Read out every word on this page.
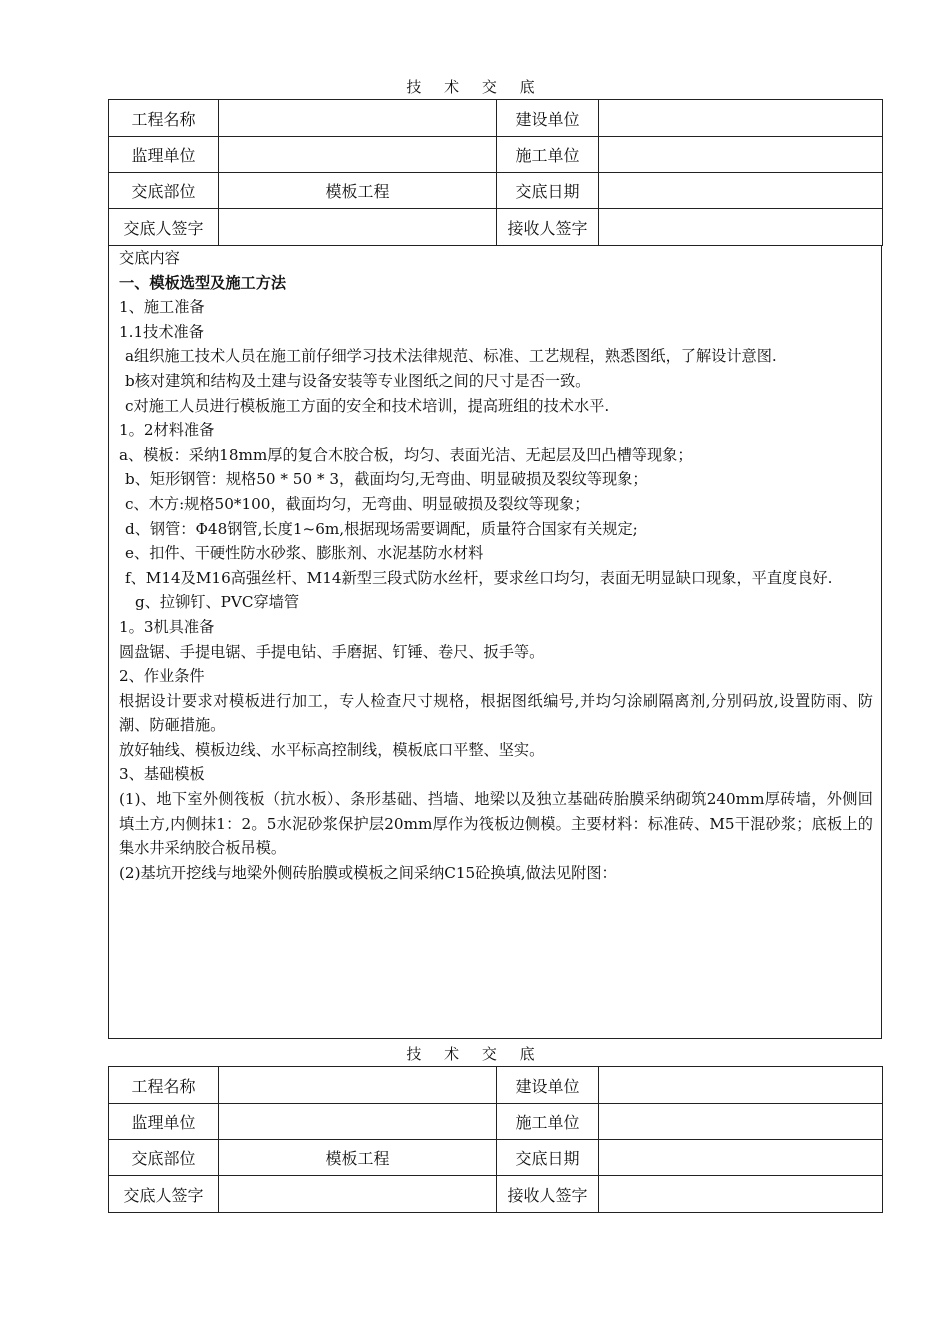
技 术 交 底
工程名称		建设单位	
监理单位		施工单位	
交底部位	模板工程	交底日期	
交底人签字		接收人签字	

交底内容

一、模板选型及施工方法

1、施工准备

1.1技术准备

a组织施工技术人员在施工前仔细学习技术法律规范、标准、工艺规程，熟悉图纸，了解设计意图.

b核对建筑和结构及土建与设备安装等专业图纸之间的尺寸是否一致。

c对施工人员进行模板施工方面的安全和技术培训，提高班组的技术水平.

1。2材料准备

a、模板：采纳18mm厚的复合木胶合板，均匀、表面光洁、无起层及凹凸槽等现象；

b、矩形钢管：规格50 * 50 * 3，截面均匀,无弯曲、明显破损及裂纹等现象；

c、木方:规格50*100，截面均匀，无弯曲、明显破损及裂纹等现象；

d、钢管：Φ48钢管,长度1~6m,根据现场需要调配，质量符合国家有关规定;

e、扣件、干硬性防水砂浆、膨胀剂、水泥基防水材料

f、M14及M16高强丝杆、M14新型三段式防水丝杆，要求丝口均匀，表面无明显缺口现象，平直度良好.

g、拉铆钉、PVC穿墙管

1。3机具准备

圆盘锯、手提电锯、手提电钻、手磨据、钉锤、卷尺、扳手等。

2、作业条件

根据设计要求对模板进行加工，专人检查尺寸规格，根据图纸编号,并均匀涂刷隔离剂,分别码放,设置防雨、防潮、防砸措施。

放好轴线、模板边线、水平标高控制线，模板底口平整、坚实。

3、基础模板

(1)、地下室外侧筏板（抗水板）、条形基础、挡墙、地梁以及独立基础砖胎膜采纳砌筑240mm厚砖墙，外侧回填土方,内侧抹1：2。5水泥砂浆保护层20mm厚作为筏板边侧模。主要材料：标准砖、M5干混砂浆；底板上的集水井采纳胶合板吊模。

(2)基坑开挖线与地梁外侧砖胎膜或模板之间采纳C15砼换填,做法见附图：

技 术 交 底
工程名称		建设单位	
监理单位		施工单位	
交底部位	模板工程	交底日期	
交底人签字		接收人签字	
